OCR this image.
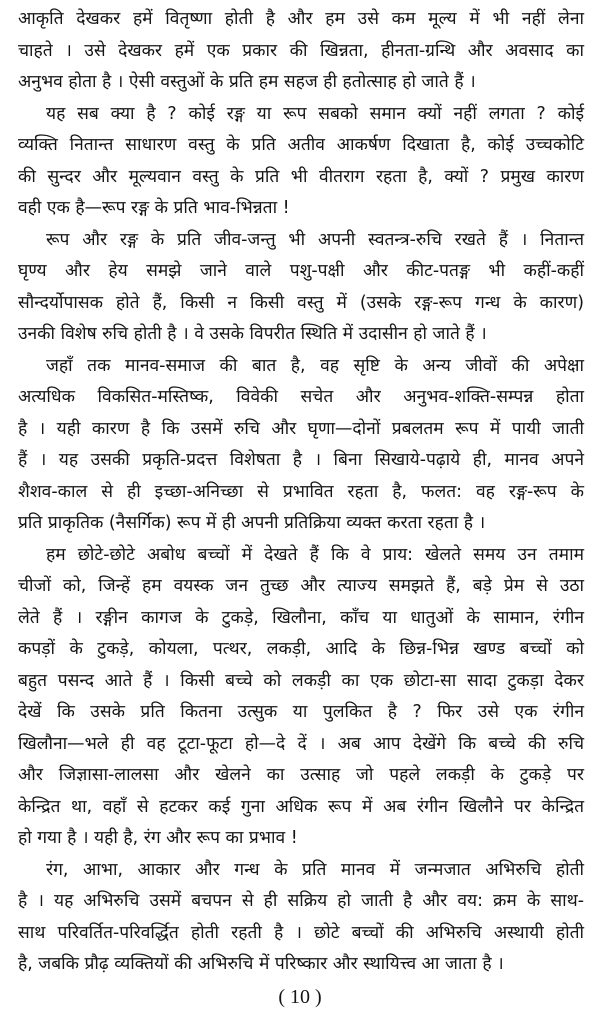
आकृति देखकर हमें वितृष्णा होती है और हम उसे कम मूल्य में भी नहीं लेना
चाहते । उसे देखकर हमें एक प्रकार की खिन्नता, हीनता-ग्रन्थि और अवसाद का
अनुभव होता है । ऐसी वस्तुओं के प्रति हम सहज ही हतोत्साह हो जाते हैं ।
यह सब क्या है ? कोई रङ्ग या रूप सबको समान क्यों नहीं लगता ? कोई
व्यक्ति नितान्त साधारण वस्तु के प्रति अतीव आकर्षण दिखाता है, कोई उच्चकोटि
की सुन्दर और मूल्यवान वस्तु के प्रति भी वीतराग रहता है, क्यों ? प्रमुख कारण
वही एक है—रूप रङ्ग के प्रति भाव-भिन्नता !
रूप और रङ्ग के प्रति जीव-जन्तु भी अपनी स्वतन्त्र-रुचि रखते हैं । नितान्त
घृण्य और हेय समझे जाने वाले पशु-पक्षी और कीट-पतङ्ग भी कहीं-कहीं
सौन्दर्योपासक होते हैं, किसी न किसी वस्तु में (उसके रङ्ग-रूप गन्ध के कारण)
उनकी विशेष रुचि होती है । वे उसके विपरीत स्थिति में उदासीन हो जाते हैं ।
जहाँ तक मानव-समाज की बात है, वह सृष्टि के अन्य जीवों की अपेक्षा
अत्यधिक विकसित-मस्तिष्क, विवेकी सचेत और अनुभव-शक्ति-सम्पन्न होता
है । यही कारण है कि उसमें रुचि और घृणा—दोनों प्रबलतम रूप में पायी जाती
हैं । यह उसकी प्रकृति-प्रदत्त विशेषता है । बिना सिखाये-पढ़ाये ही, मानव अपने
शैशव-काल से ही इच्छा-अनिच्छा से प्रभावित रहता है, फलत: वह रङ्ग-रूप के
प्रति प्राकृतिक (नैसर्गिक) रूप में ही अपनी प्रतिक्रिया व्यक्त करता रहता है ।
हम छोटे-छोटे अबोध बच्चों में देखते हैं कि वे प्राय: खेलते समय उन तमाम
चीजों को, जिन्हें हम वयस्क जन तुच्छ और त्याज्य समझते हैं, बड़े प्रेम से उठा
लेते हैं । रङ्गीन कागज के टुकड़े, खिलौना, काँच या धातुओं के सामान, रंगीन
कपड़ों के टुकड़े, कोयला, पत्थर, लकड़ी, आदि के छिन्न-भिन्न खण्ड बच्चों को
बहुत पसन्द आते हैं । किसी बच्चे को लकड़ी का एक छोटा-सा सादा टुकड़ा देकर
देखें कि उसके प्रति कितना उत्सुक या पुलकित है ? फिर उसे एक रंगीन
खिलौना—भले ही वह टूटा-फूटा हो—दे दें । अब आप देखेंगे कि बच्चे की रुचि
और जिज्ञासा-लालसा और खेलने का उत्साह जो पहले लकड़ी के टुकड़े पर
केन्द्रित था, वहाँ से हटकर कई गुना अधिक रूप में अब रंगीन खिलौने पर केन्द्रित
हो गया है । यही है, रंग और रूप का प्रभाव !
रंग, आभा, आकार और गन्ध के प्रति मानव में जन्मजात अभिरुचि होती
है । यह अभिरुचि उसमें बचपन से ही सक्रिय हो जाती है और वय: क्रम के साथ-
साथ परिवर्तित-परिवर्द्धित होती रहती है । छोटे बच्चों की अभिरुचि अस्थायी होती
है, जबकि प्रौढ़ व्यक्तियों की अभिरुचि में परिष्कार और स्थायित्त्व आ जाता है ।
( 10 )
